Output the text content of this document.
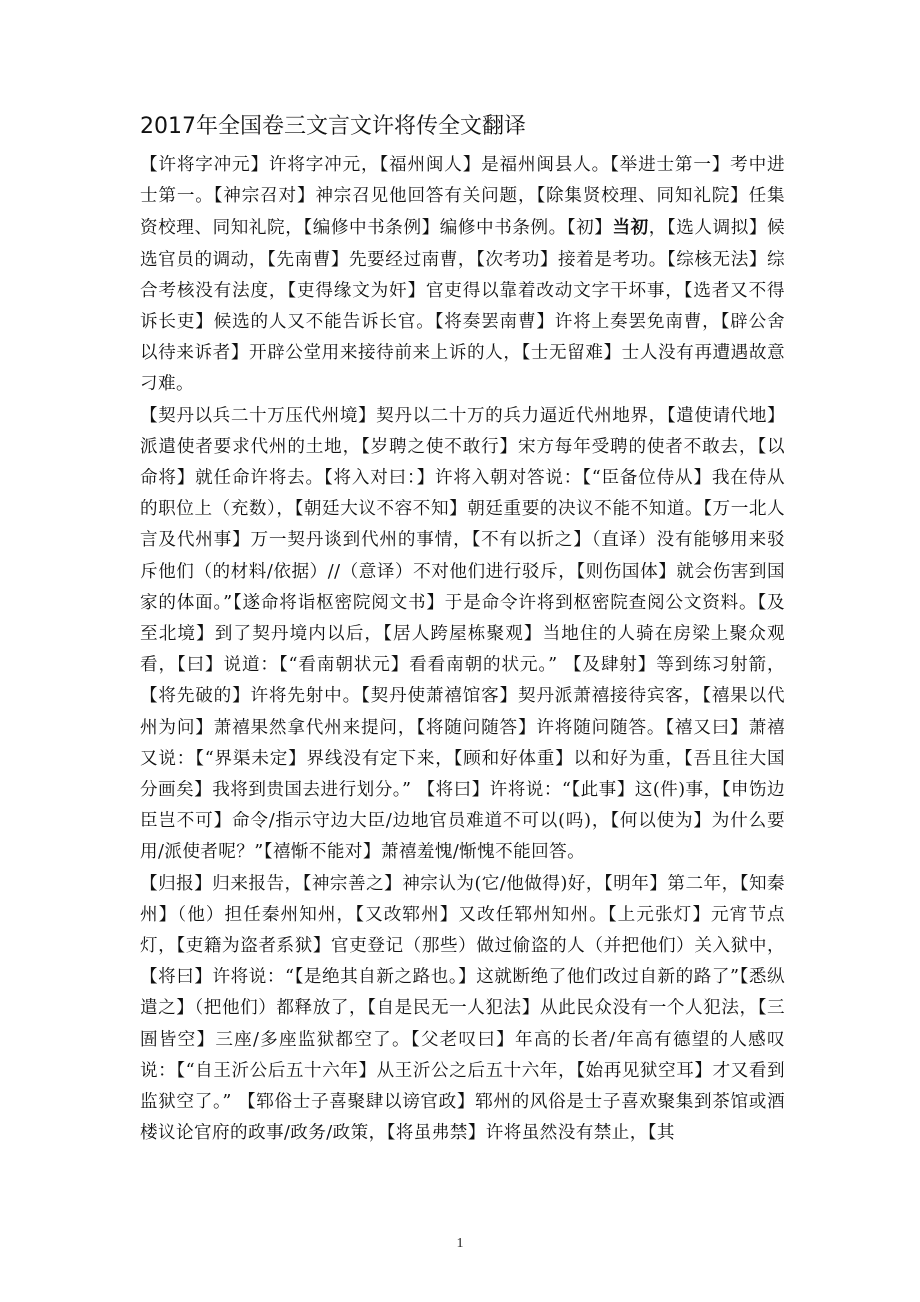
2017年全国卷三文言文许将传全文翻译

【许将字冲元】许将字冲元，【福州闽人】是福州闽县人。【举进士第一】考中进士第一。【神宗召对】神宗召见他回答有关问题，【除集贤校理、同知礼院】任集资校理、同知礼院，【编修中书条例】编修中书条例。【初】当初，【选人调拟】候选官员的调动，【先南曹】先要经过南曹，【次考功】接着是考功。【综核无法】综合考核没有法度，【吏得缘文为奸】官吏得以靠着改动文字干坏事，【选者又不得诉长吏】候选的人又不能告诉长官。【将奏罢南曹】许将上奏罢免南曹，【辟公舍以待来诉者】开辟公堂用来接待前来上诉的人，【士无留难】士人没有再遭遇故意刁难。

【契丹以兵二十万压代州境】契丹以二十万的兵力逼近代州地界，【遣使请代地】派遣使者要求代州的土地，【岁聘之使不敢行】宋方每年受聘的使者不敢去，【以命将】就任命许将去。【将入对曰：】许将入朝对答说：【“臣备位侍从】我在侍从的职位上（充数），【朝廷大议不容不知】朝廷重要的决议不能不知道。【万一北人言及代州事】万一契丹谈到代州的事情，【不有以折之】（直译）没有能够用来驳斥他们（的材料/依据）//（意译）不对他们进行驳斥，【则伤国体】就会伤害到国家的体面。”【遂命将诣枢密院阅文书】于是命令许将到枢密院查阅公文资料。【及至北境】到了契丹境内以后，【居人跨屋栋聚观】当地住的人骑在房梁上聚众观看，【曰】说道：【“看南朝状元】看看南朝的状元。” 【及肆射】等到练习射箭，【将先破的】许将先射中。【契丹使萧禧馆客】契丹派萧禧接待宾客，【禧果以代州为问】萧禧果然拿代州来提问，【将随问随答】许将随问随答。【禧又曰】萧禧又说：【“界渠未定】界线没有定下来，【顾和好体重】以和好为重，【吾且往大国分画矣】我将到贵国去进行划分。” 【将曰】许将说：“【此事】这(件)事，【申饬边臣岂不可】命令/指示守边大臣/边地官员难道不可以(吗)，【何以使为】为什么要用/派使者呢？”【禧惭不能对】萧禧羞愧/惭愧不能回答。

【归报】归来报告，【神宗善之】神宗认为(它/他做得)好，【明年】第二年，【知秦州】（他）担任秦州知州，【又改郓州】又改任郓州知州。【上元张灯】元宵节点灯，【吏籍为盗者系狱】官吏登记（那些）做过偷盗的人（并把他们）关入狱中，【将曰】许将说：“【是绝其自新之路也。】这就断绝了他们改过自新的路了”【悉纵遣之】（把他们）都释放了，【自是民无一人犯法】从此民众没有一个人犯法，【三圄皆空】三座/多座监狱都空了。【父老叹曰】年高的长者/年高有德望的人感叹说：【“自王沂公后五十六年】从王沂公之后五十六年，【始再见狱空耳】才又看到监狱空了。” 【郓俗士子喜聚肆以谤官政】郓州的风俗是士子喜欢聚集到茶馆或酒楼议论官府的政事/政务/政策，【将虽弗禁】许将虽然没有禁止，【其

1
